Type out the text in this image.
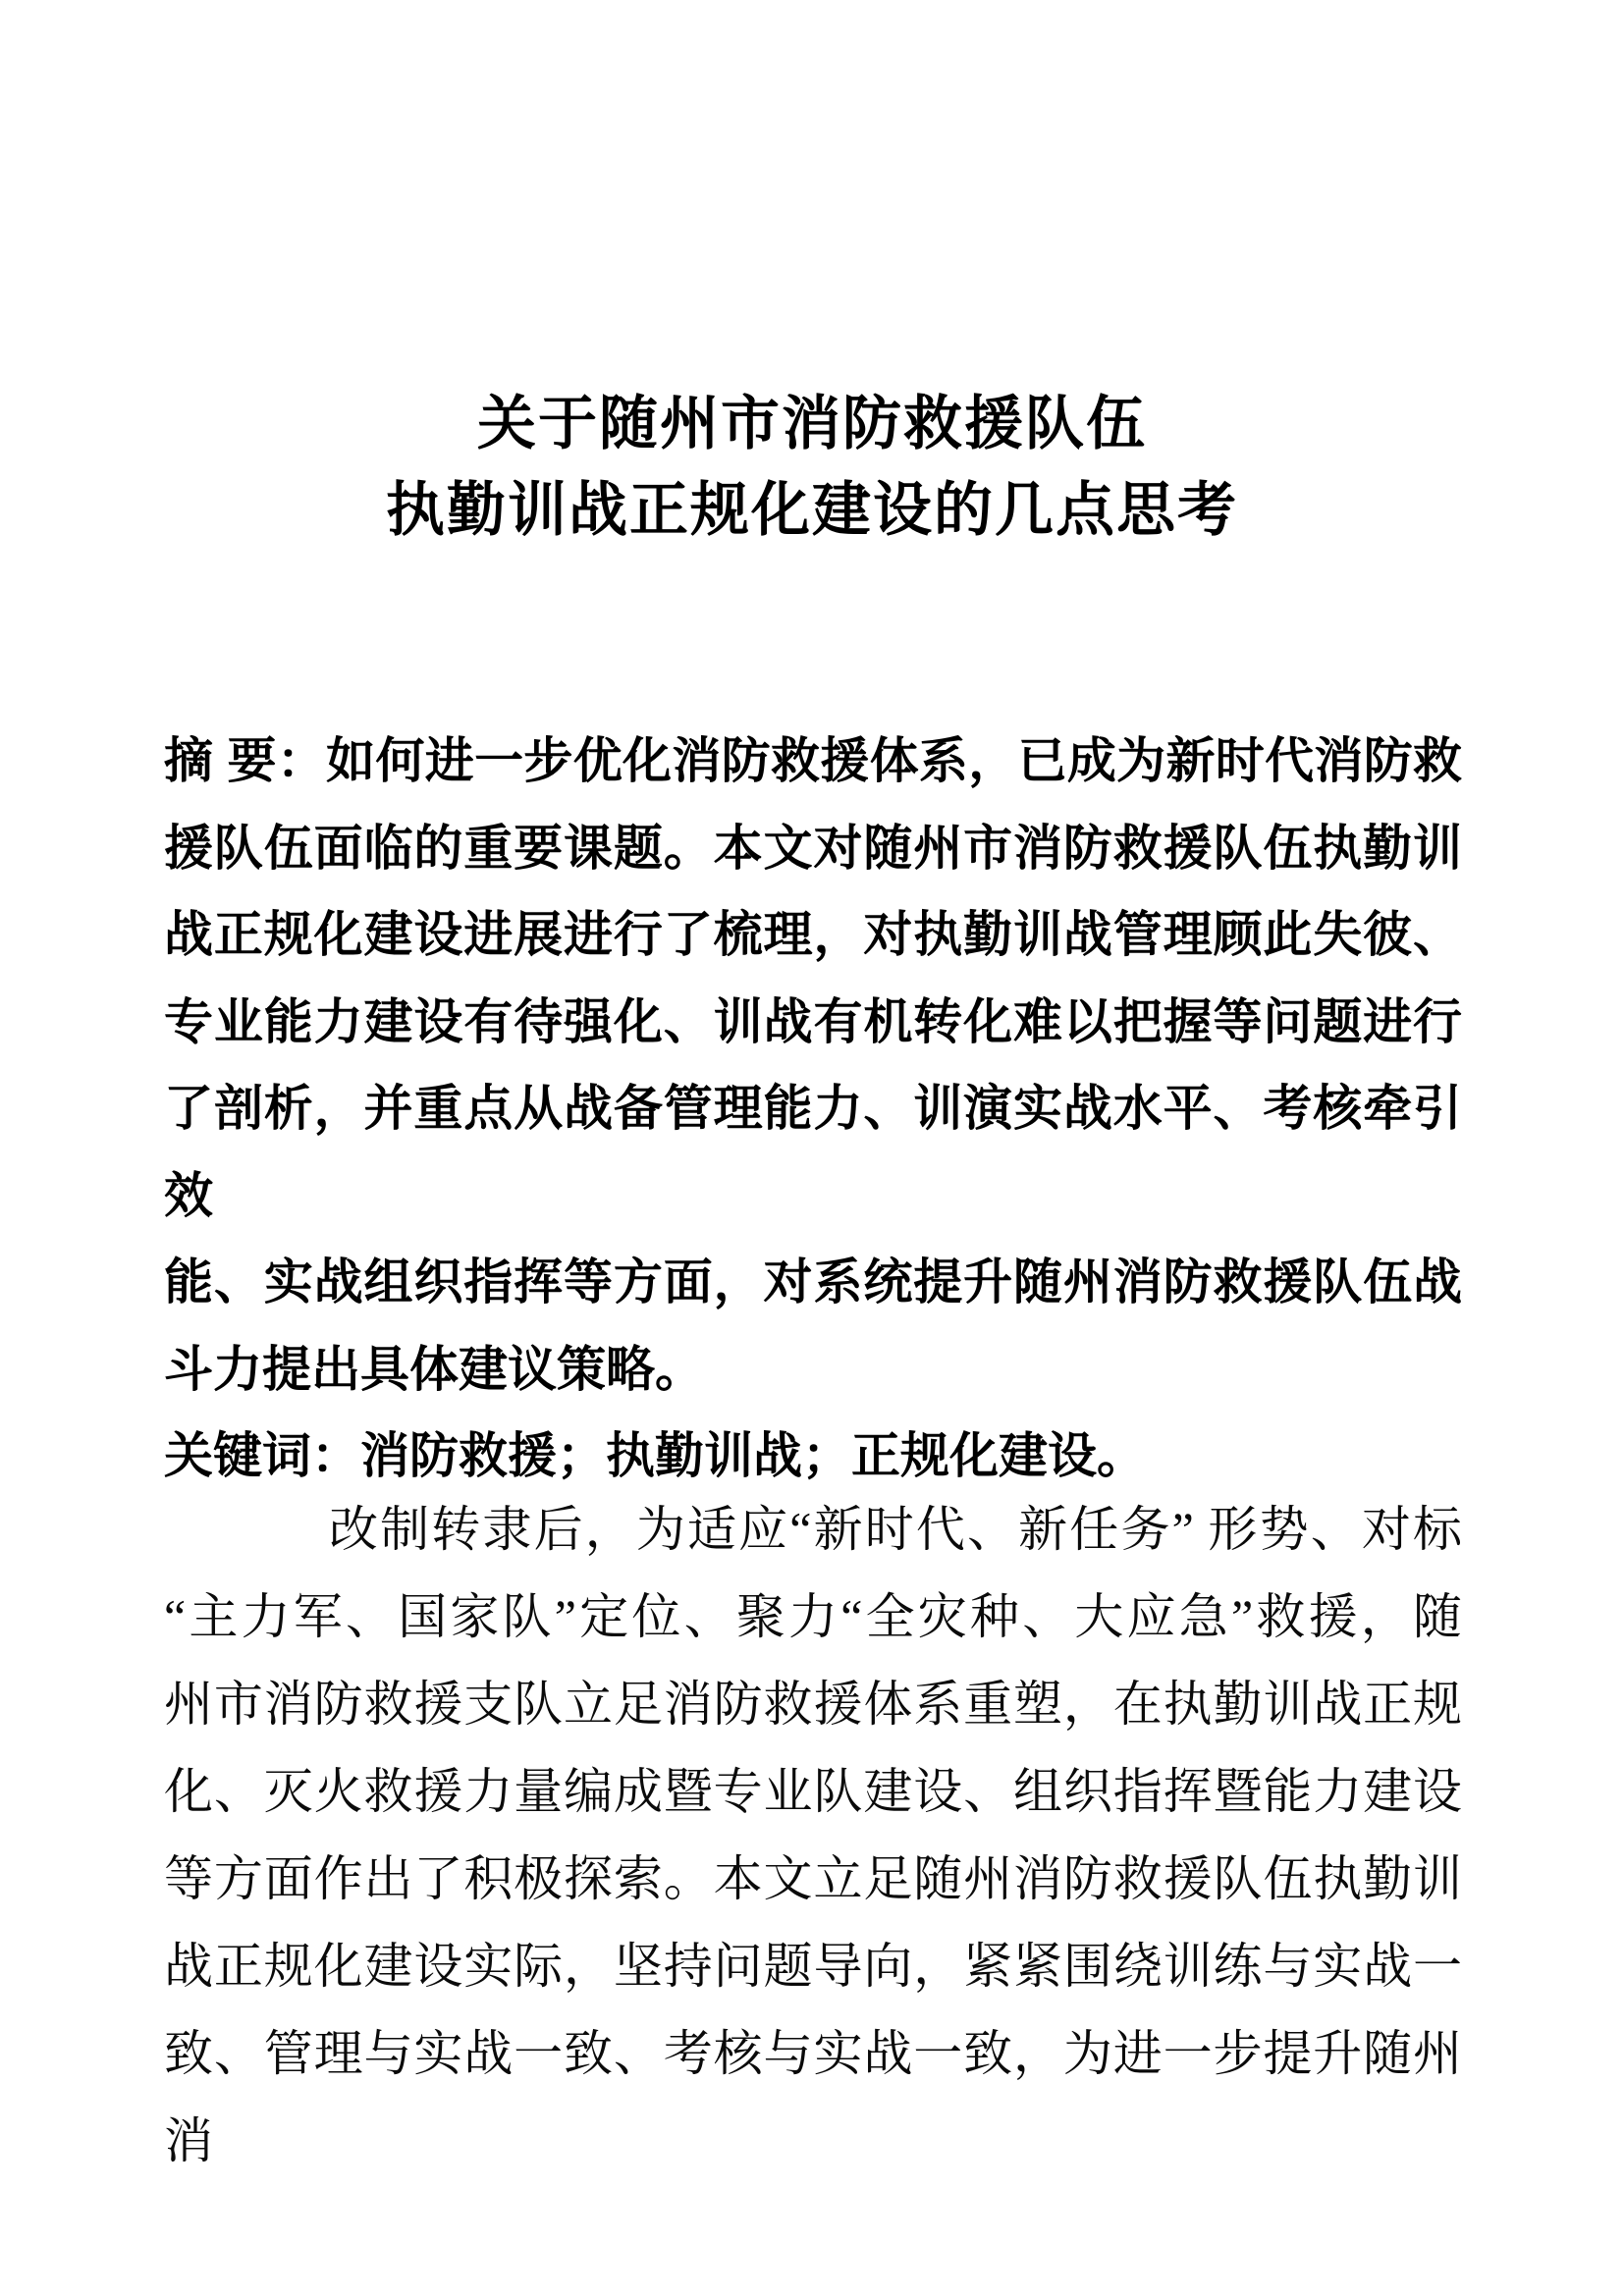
关于随州市消防救援队伍
执勤训战正规化建设的几点思考
摘 要：如何进一步优化消防救援体系，已成为新时代消防救
援队伍面临的重要课题。本文对随州市消防救援队伍执勤训
战正规化建设进展进行了梳理，对执勤训战管理顾此失彼、
专业能力建设有待强化、训战有机转化难以把握等问题进行
了剖析，并重点从战备管理能力、训演实战水平、考核牵引效
能、实战组织指挥等方面，对系统提升随州消防救援队伍战
斗力提出具体建议策略。
关键词：消防救援；执勤训战；正规化建设。
改制转隶后，为适应“新时代、新任务” 形势、对标
“主力军、国家队”定位、聚力“全灾种、大应急”救援，随
州市消防救援支队立足消防救援体系重塑，在执勤训战正规
化、灭火救援力量编成暨专业队建设、组织指挥暨能力建设
等方面作出了积极探索。本文立足随州消防救援队伍执勤训
战正规化建设实际，坚持问题导向，紧紧围绕训练与实战一
致、管理与实战一致、考核与实战一致，为进一步提升随州消
